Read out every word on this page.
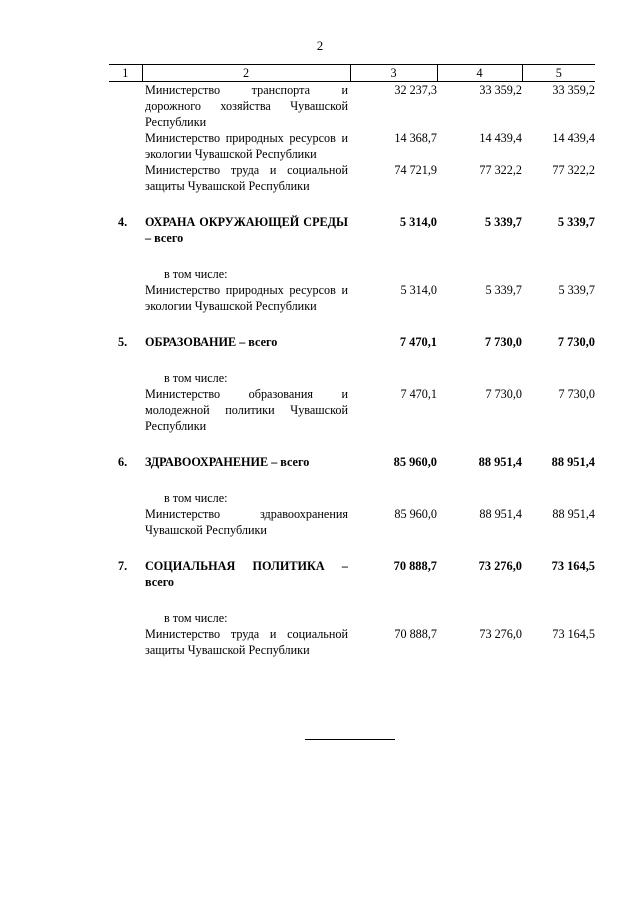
2
1	2	3	4	5
	Министерство транспорта и дорожного хозяйства Чувашской Республики	32 237,3	33 359,2	33 359,2
	Министерство природных ресурсов и экологии Чувашской Республики	14 368,7	14 439,4	14 439,4
	Министерство труда и социальной защиты Чувашской Республики	74 721,9	77 322,2	77 322,2

4.	ОХРАНА ОКРУЖАЮЩЕЙ СРЕДЫ – всего	5 314,0	5 339,7	5 339,7

	в том числе:			

	Министерство природных ресурсов и экологии Чувашской Республики	5 314,0	5 339,7	5 339,7

5.	ОБРАЗОВАНИЕ – всего	7 470,1	7 730,0	7 730,0

	в том числе:			

	Министерство образования и молодежной политики Чувашской Республики	7 470,1	7 730,0	7 730,0

6.	ЗДРАВООХРАНЕНИЕ – всего	85 960,0	88 951,4	88 951,4

	в том числе:			

	Министерство здравоохранения Чувашской Республики	85 960,0	88 951,4	88 951,4

7.	СОЦИАЛЬНАЯ ПОЛИТИКА – всего	70 888,7	73 276,0	73 164,5

	в том числе:			

	Министерство труда и социальной защиты Чувашской Республики	70 888,7	73 276,0	73 164,5
